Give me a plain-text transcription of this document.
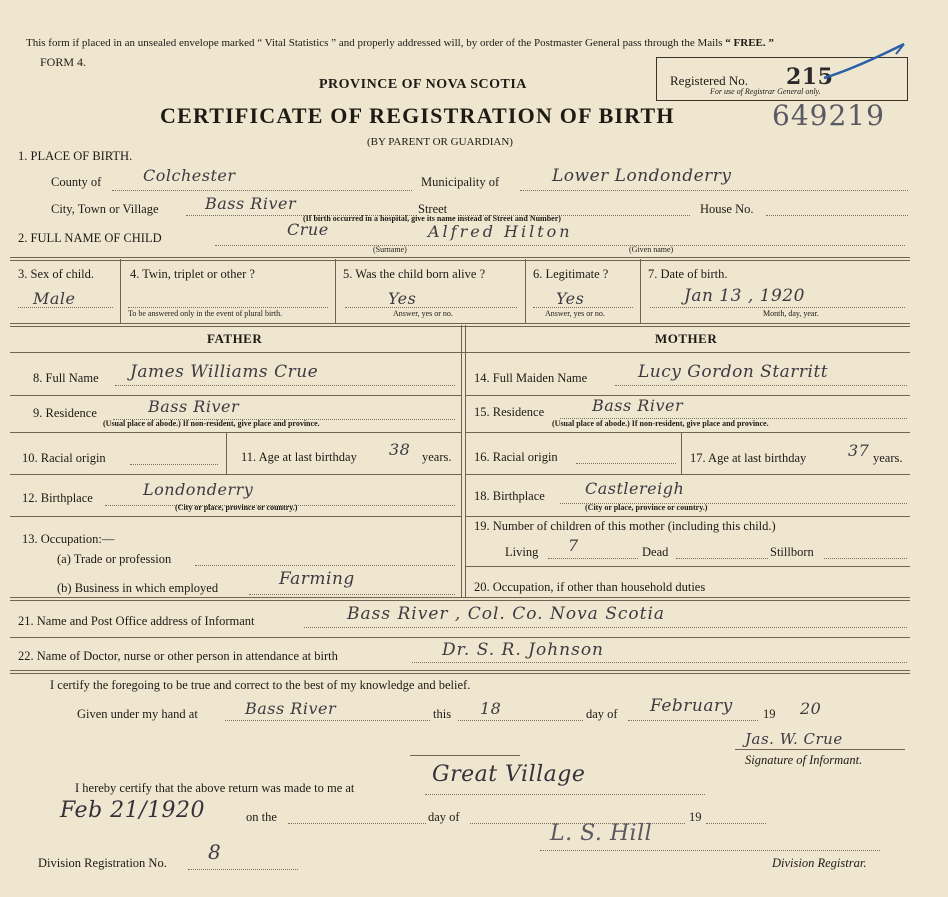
This form if placed in an unsealed envelope marked “ Vital Statistics ” and properly addressed will, by order of the Postmaster General pass through the Mails “ FREE. ”
FORM 4.
PROVINCE OF NOVA SCOTIA
CERTIFICATE OF REGISTRATION OF BIRTH
(BY PARENT OR GUARDIAN)
Registered No. 215
For use of Registrar General only.
649219
1. PLACE OF BIRTH.
County of	Colchester	Municipality of	Lower Londonderry
City, Town or Village	Bass River	Street	House No.
(If birth occurred in a hospital, give its name instead of Street and Number)
2. FULL NAME OF CHILD	Crue	Alfred Hilton
(Surname)	(Given name)
3. Sex of child.
Male
4. Twin, triplet or other ?
To be answered only in the event of plural birth.
5. Was the child born alive ?
Yes
Answer, yes or no.
6. Legitimate ?
Yes
Answer, yes or no.
7. Date of birth.
Jan 13 , 1920
Month, day, year.
FATHER	MOTHER
8. Full Name James Williams Crue
9. Residence	Bass River
(Usual place of abode.) If non-resident, give place and province.
10. Racial origin	11. Age at last birthday 38 years.
12. Birthplace	Londonderry
(City or place, province or country.)
13. Occupation:—
(a) Trade or profession
(b) Business in which employed	Farming
14. Full Maiden Name	Lucy Gordon Starritt
15. Residence	Bass River
(Usual place of abode.) If non-resident, give place and province.
16. Racial origin	17. Age at last birthday	37 years.
18. Birthplace	Castlereigh
(City or place, province or country.)
19. Number of children of this mother (including this child.)
Living 7	Dead	Stillborn
20. Occupation, if other than household duties
21. Name and Post Office address of Informant	Bass River , Col. Co. Nova Scotia
22. Name of Doctor, nurse or other person in attendance at birth	Dr. S. R. Johnson
I certify the foregoing to be true and correct to the best of my knowledge and belief.
Given under my hand at	Bass River	this 18	day of February 19 20
Jas. W. Crue
Signature of Informant.
I hereby certify that the above return was made to me at
Great Village
Feb 21/1920	on the	day of	19
L. S. Hill
Division Registration No. 8	Division Registrar.
